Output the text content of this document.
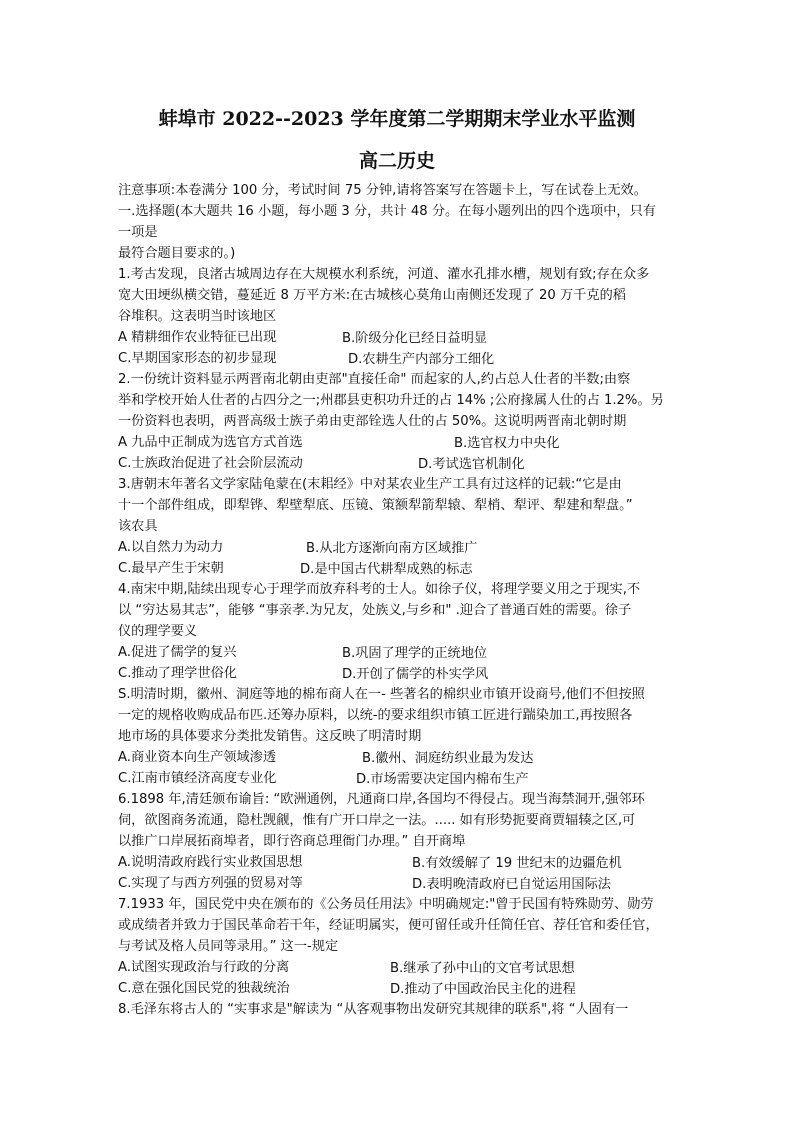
蚌埠市 2022--2023 学年度第二学期期末学业水平监测
高二历史
注意事项:本卷满分 100 分，考试时间 75 分钟,请将答案写在答题卡上，写在试卷上无效。
一.选择题(本大题共 16 小题，每小题 3 分，共计 48 分。在每小题列出的四个选项中，只有
一项是
最符合题目要求的。)
1.考古发现，良渚古城周边存在大规模水利系统，河道、灌水孔排水槽，规划有致;存在众多
宽大田埂纵横交错，蔓延近 8 万平方米:在古城核心莫角山南侧还发现了 20 万千克的稻
谷堆积。这表明当时该地区
A 精耕细作农业特征已出现	B.阶级分化已经日益明显
C.早期国家形态的初步显现	D.农耕生产内部分工细化
2.一份统计资料显示两晋南北朝由吏部"直接任命" 而起家的人,约占总人仕者的半数;由察
举和学校开始人仕者的占四分之一;州郡县吏积功升迁的占 14% ;公府掾属人仕的占 1.2%。另
一份资料也表明，两晋高级士族子弟由吏部铨选人仕的占 50%。这说明两晋南北朝时期
A 九品中正制成为选官方式首选	B.选官权力中央化
C.士族政治促进了社会阶层流动	D.考试选官机制化
3.唐朝末年著名文学家陆龟蒙在(末耜经》中对某农业生产工具有过这样的记载:“它是由
十一个部件组成，即犁铧、犁壁犁底、压镜、策额犁箭犁辕、犁梢、犁评、犁建和犁盘。”
该农具
A.以自然力为动力	B.从北方逐渐向南方区域推广
C.最早产生于宋朝	D.是中国古代耕犁成熟的标志
4.南宋中期,陆续出现专心于理学而放弃科考的士人。如徐子仪，将理学要义用之于现实,不
以 “穷达易其志”，能够 “事亲孝.为兄友，处族义,与乡和" .迎合了普通百姓的需要。徐子
仪的理学要义
A.促进了儒学的复兴	B.巩固了理学的正统地位
C.推动了理学世俗化	D.开创了儒学的朴实学风
S.明清时期，徽州、洞庭等地的棉布商人在一- 些著名的棉织业市镇开设商号,他们不但按照
一定的规格收购成品布匹.还筹办原料，以统-的要求组织市镇工匠进行踹染加工,再按照各
地市场的具体要求分类批发销售。这反映了明清时期
A.商业资本向生产领域渗透	B.徽州、洞庭纺织业最为发达
C.江南市镇经济高度专业化	D.市场需要决定国内棉布生产
6.1898 年,清廷颁布谕旨: “欧洲通例，凡通商口岸,各国均不得侵占。现当海禁洞开,强邻环
伺，欲图商务流通，隐杜觊觎，惟有广开口岸之一法。..... 如有形势扼要商贾辐辏之区,可
以推广口岸展拓商埠者，即行咨商总理衙门办理。” 自开商埠
A.说明清政府践行实业救国思想	B.有效缓解了 19 世纪末的边疆危机
C.实现了与西方列强的贸易对等	D.表明晚清政府已自觉运用国际法
7.1933 年，国民党中央在颁布的《公务员任用法》中明确规定:"曾于民国有特殊勋劳、勋劳
或成绩者并致力于国民革命若干年，经证明属实，便可留任或升任简任官、荐任官和委任官，
与考试及格人员同等录用。” 这一-规定
A.试图实现政治与行政的分离	B.继承了孙中山的文官考试思想
C.意在强化国民党的独裁统治	D.推动了中国政治民主化的进程
8.毛泽东将古人的 “实事求是"解读为 “从客观事物出发研究其规律的联系",将 “人固有一
